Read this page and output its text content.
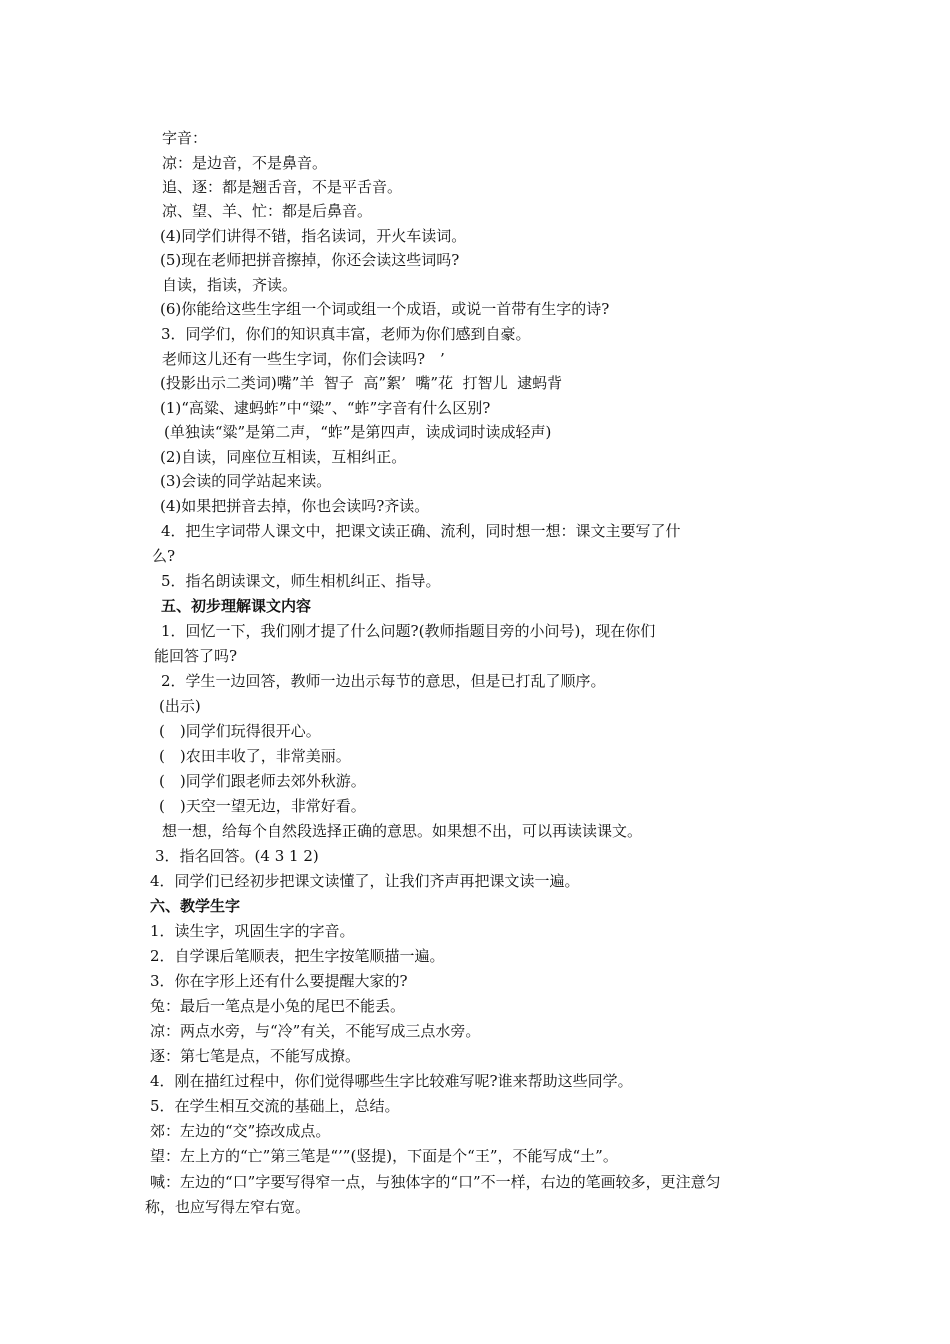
字音：
凉：是边音，不是鼻音。
追、逐：都是翘舌音，不是平舌音。
凉、望、羊、忙：都是后鼻音。
(4)同学们讲得不错，指名读词，开火车读词。
(5)现在老师把拼音擦掉，你还会读这些词吗?
自读，指读，齐读。
(6)你能给这些生字组一个词或组一个成语，或说一首带有生字的诗?
3．同学们，你们的知识真丰富，老师为你们感到自豪。
老师这儿还有一些生字词，你们会读吗?　’
(投影出示二类词)嘴”羊  智子  高”絮’  嘴”花  打智儿  逮蚂背
(1)“高粱、逮蚂蚱”中“粱”、“蚱”字音有什么区别?
(单独读“粱”是第二声，“蚱”是第四声，读成词时读成轻声)
(2)自读，同座位互相读，互相纠正。
(3)会读的同学站起来读。
(4)如果把拼音去掉，你也会读吗?齐读。
4．把生字词带人课文中，把课文读正确、流利，同时想一想：课文主要写了什
么?
5．指名朗读课文，师生相机纠正、指导。
五、初步理解课文内容
1．回忆一下，我们刚才提了什么问题?(教师指题目旁的小问号)，现在你们
能回答了吗?
2．学生一边回答，教师一边出示每节的意思，但是已打乱了顺序。
(出示)
(　)同学们玩得很开心。
(　)农田丰收了，非常美丽。
(　)同学们跟老师去郊外秋游。
(　)天空一望无边，非常好看。
想一想，给每个自然段选择正确的意思。如果想不出，可以再读读课文。
3．指名回答。(4 3 1 2)
4．同学们已经初步把课文读懂了，让我们齐声再把课文读一遍。
六、教学生字
1．读生字，巩固生字的字音。
2．自学课后笔顺表，把生字按笔顺描一遍。
3．你在字形上还有什么要提醒大家的?
兔：最后一笔点是小兔的尾巴不能丢。
凉：两点水旁，与“冷”有关，不能写成三点水旁。
逐：第七笔是点，不能写成撩。
4．刚在描红过程中，你们觉得哪些生字比较难写呢?谁来帮助这些同学。
5．在学生相互交流的基础上，总结。
郊：左边的“交”捺改成点。
望：左上方的“亡”第三笔是“’”(竖提)，下面是个“王”，不能写成“土”。
喊：左边的“口”字要写得窄一点，与独体字的“口”不一样，右边的笔画较多，更注意匀
称，也应写得左窄右宽。
